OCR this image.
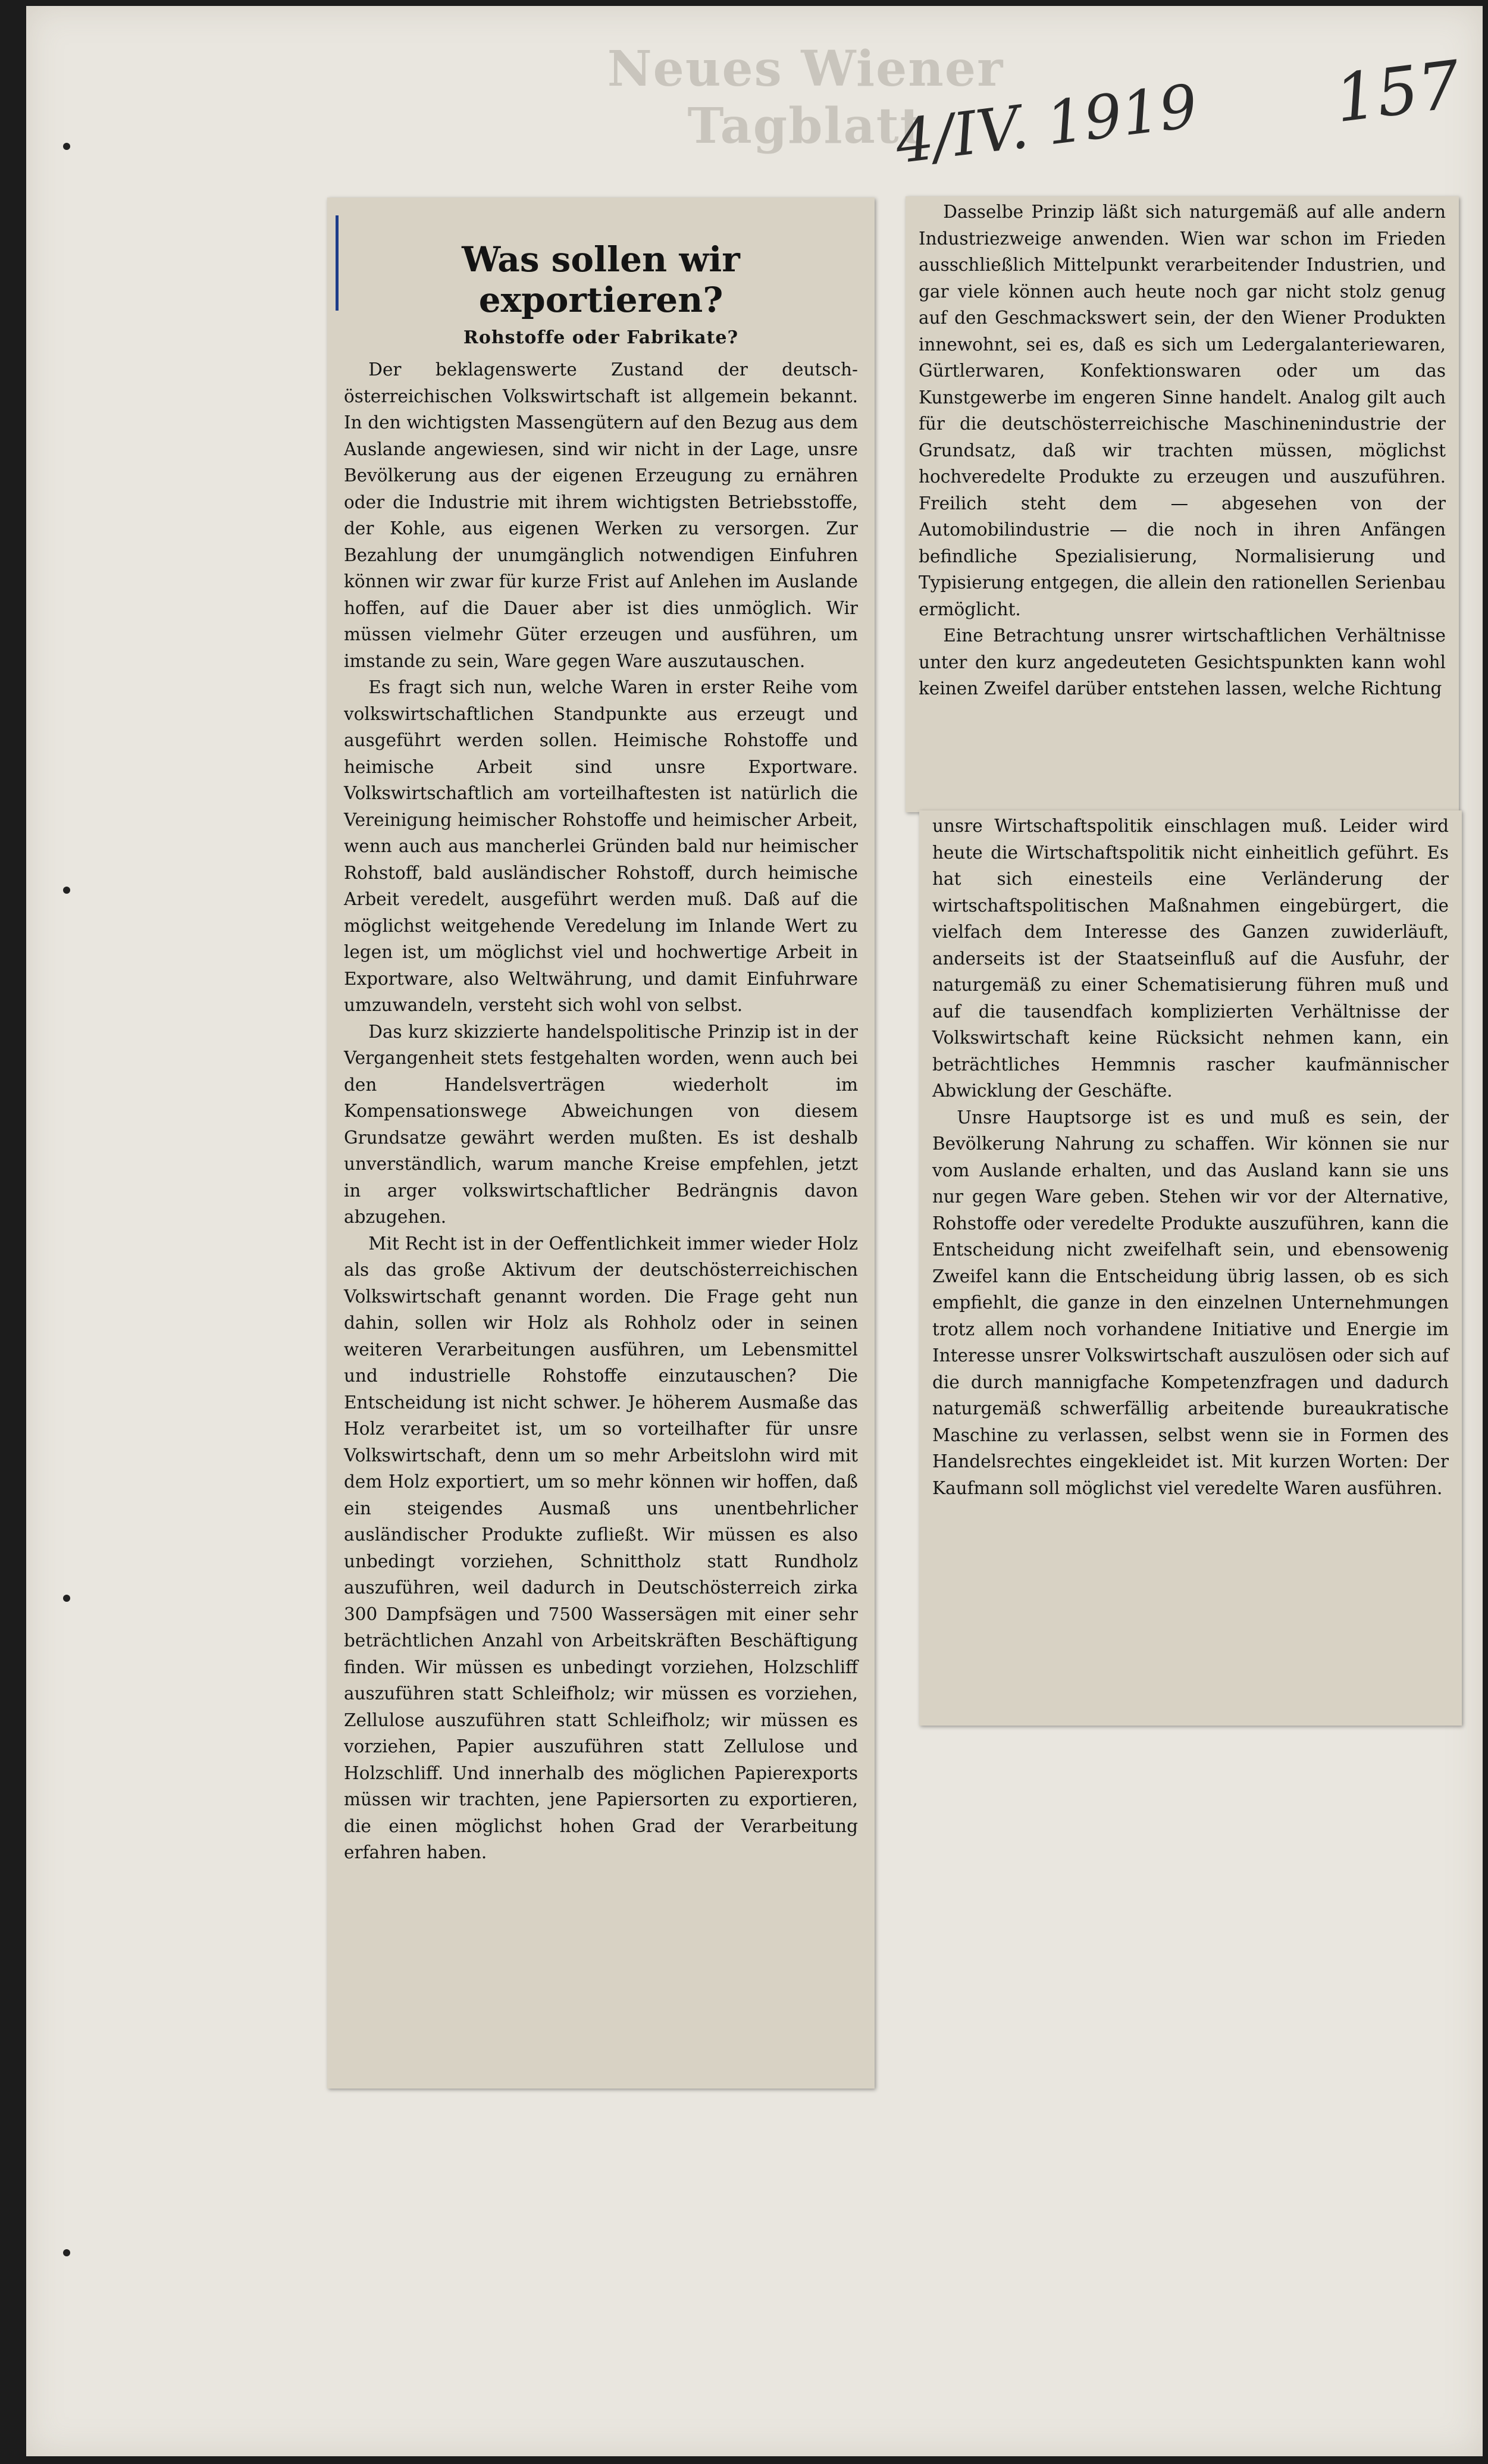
Neues Wiener Tagblatt
4/IV. 1919 157
Was sollen wir exportieren?
Rohstoffe oder Fabrikate?

Der beklagenswerte Zustand der deutsch-österreichischen Volkswirtschaft ist allgemein bekannt. In den wichtigsten Massengütern auf den Bezug aus dem Auslande angewiesen, sind wir nicht in der Lage, unsre Bevölkerung aus der eigenen Erzeugung zu ernähren oder die Industrie mit ihrem wichtigsten Betriebsstoffe, der Kohle, aus eigenen Werken zu versorgen. Zur Bezahlung der unumgänglich notwendigen Einfuhren können wir zwar für kurze Frist auf Anlehen im Auslande hoffen, auf die Dauer aber ist dies unmöglich. Wir müssen vielmehr Güter erzeugen und ausführen, um imstande zu sein, Ware gegen Ware auszutauschen.

Es fragt sich nun, welche Waren in erster Reihe vom volkswirtschaftlichen Standpunkte aus erzeugt und ausgeführt werden sollen. Heimische Rohstoffe und heimische Arbeit sind unsre Exportware. Volkswirtschaftlich am vorteilhaftesten ist natürlich die Vereinigung heimischer Rohstoffe und heimischer Arbeit, wenn auch aus mancherlei Gründen bald nur heimischer Rohstoff, bald ausländischer Rohstoff, durch heimische Arbeit veredelt, ausgeführt werden muß. Daß auf die möglichst weitgehende Veredelung im Inlande Wert zu legen ist, um möglichst viel und hochwertige Arbeit in Exportware, also Weltwährung, und damit Einfuhrware umzuwandeln, versteht sich wohl von selbst.

Das kurz skizzierte handelspolitische Prinzip ist in der Vergangenheit stets festgehalten worden, wenn auch bei den Handelsverträgen wiederholt im Kompensationswege Abweichungen von diesem Grundsatze gewährt werden mußten. Es ist deshalb unverständlich, warum manche Kreise empfehlen, jetzt in arger volkswirtschaftlicher Bedrängnis davon abzugehen.

Mit Recht ist in der Oeffentlichkeit immer wieder Holz als das große Aktivum der deutschösterreichischen Volkswirtschaft genannt worden. Die Frage geht nun dahin, sollen wir Holz als Rohholz oder in seinen weiteren Verarbeitungen ausführen, um Lebensmittel und industrielle Rohstoffe einzutauschen? Die Entscheidung ist nicht schwer. Je höherem Ausmaße das Holz verarbeitet ist, um so vorteilhafter für unsre Volkswirtschaft, denn um so mehr Arbeitslohn wird mit dem Holz exportiert, um so mehr können wir hoffen, daß ein steigendes Ausmaß uns unentbehrlicher ausländischer Produkte zufließt. Wir müssen es also unbedingt vorziehen, Schnittholz statt Rundholz auszuführen, weil dadurch in Deutschösterreich zirka 300 Dampfsägen und 7500 Wassersägen mit einer sehr beträchtlichen Anzahl von Arbeitskräften Beschäftigung finden. Wir müssen es unbedingt vorziehen, Holzschliff auszuführen statt Schleifholz; wir müssen es vorziehen, Zellulose auszuführen statt Schleifholz; wir müssen es vorziehen, Papier auszuführen statt Zellulose und Holzschliff. Und innerhalb des möglichen Papierexports müssen wir trachten, jene Papiersorten zu exportieren, die einen möglichst hohen Grad der Verarbeitung erfahren haben.

Dasselbe Prinzip läßt sich naturgemäß auf alle andern Industriezweige anwenden. Wien war schon im Frieden ausschließlich Mittelpunkt verarbeitender Industrien, und gar viele können auch heute noch gar nicht stolz genug auf den Geschmackswert sein, der den Wiener Produkten innewohnt, sei es, daß es sich um Ledergalanteriewaren, Gürtlerwaren, Konfektionswaren oder um das Kunstgewerbe im engeren Sinne handelt. Analog gilt auch für die deutschösterreichische Maschinenindustrie der Grundsatz, daß wir trachten müssen, möglichst hochveredelte Produkte zu erzeugen und auszuführen. Freilich steht dem — abgesehen von der Automobilindustrie — die noch in ihren Anfängen befindliche Spezialisierung, Normalisierung und Typisierung entgegen, die allein den rationellen Serienbau ermöglicht.

Eine Betrachtung unsrer wirtschaftlichen Verhältnisse unter den kurz angedeuteten Gesichtspunkten kann wohl keinen Zweifel darüber entstehen lassen, welche Richtung

unsre Wirtschaftspolitik einschlagen muß. Leider wird heute die Wirtschaftspolitik nicht einheitlich geführt. Es hat sich einesteils eine Verländerung der wirtschaftspolitischen Maßnahmen eingebürgert, die vielfach dem Interesse des Ganzen zuwiderläuft, anderseits ist der Staatseinfluß auf die Ausfuhr, der naturgemäß zu einer Schematisierung führen muß und auf die tausendfach komplizierten Verhältnisse der Volkswirtschaft keine Rücksicht nehmen kann, ein beträchtliches Hemmnis rascher kaufmännischer Abwicklung der Geschäfte.

Unsre Hauptsorge ist es und muß es sein, der Bevölkerung Nahrung zu schaffen. Wir können sie nur vom Auslande erhalten, und das Ausland kann sie uns nur gegen Ware geben. Stehen wir vor der Alternative, Rohstoffe oder veredelte Produkte auszuführen, kann die Entscheidung nicht zweifelhaft sein, und ebensowenig Zweifel kann die Entscheidung übrig lassen, ob es sich empfiehlt, die ganze in den einzelnen Unternehmungen trotz allem noch vorhandene Initiative und Energie im Interesse unsrer Volkswirtschaft auszulösen oder sich auf die durch mannigfache Kompetenzfragen und dadurch naturgemäß schwerfällig arbeitende bureaukratische Maschine zu verlassen, selbst wenn sie in Formen des Handelsrechtes eingekleidet ist. Mit kurzen Worten: Der Kaufmann soll möglichst viel veredelte Waren ausführen.
